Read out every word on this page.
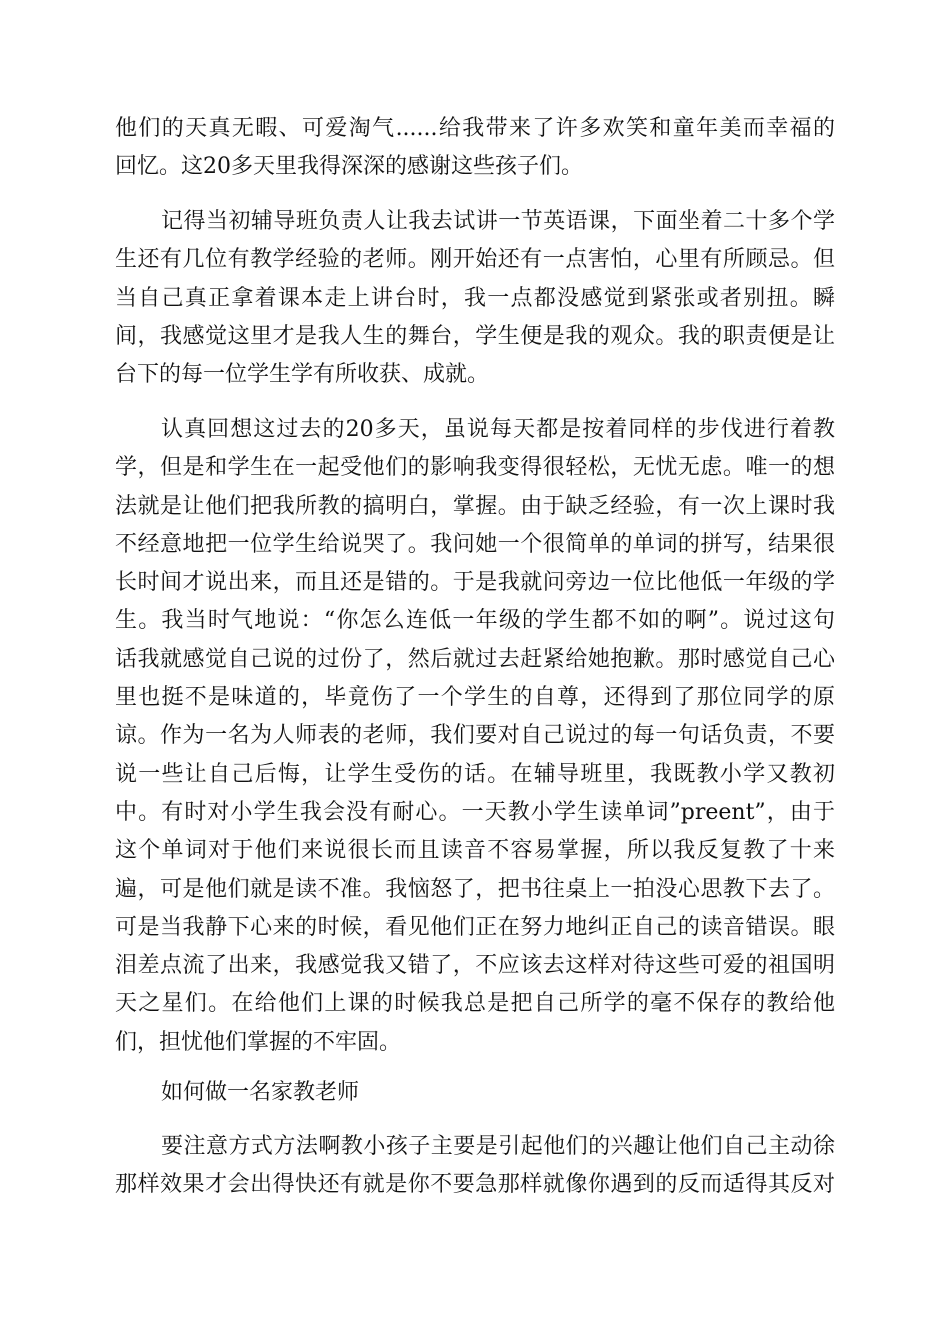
他们的天真无暇、可爱淘气......给我带来了许多欢笑和童年美而幸福的
回忆。这20多天里我得深深的感谢这些孩子们。
记得当初辅导班负责人让我去试讲一节英语课，下面坐着二十多个学
生还有几位有教学经验的老师。刚开始还有一点害怕，心里有所顾忌。但
当自己真正拿着课本走上讲台时，我一点都没感觉到紧张或者别扭。瞬
间，我感觉这里才是我人生的舞台，学生便是我的观众。我的职责便是让
台下的每一位学生学有所收获、成就。
认真回想这过去的20多天，虽说每天都是按着同样的步伐进行着教
学，但是和学生在一起受他们的影响我变得很轻松，无忧无虑。唯一的想
法就是让他们把我所教的搞明白，掌握。由于缺乏经验，有一次上课时我
不经意地把一位学生给说哭了。我问她一个很简单的单词的拼写，结果很
长时间才说出来，而且还是错的。于是我就问旁边一位比他低一年级的学
生。我当时气地说：“你怎么连低一年级的学生都不如的啊”。说过这句
话我就感觉自己说的过份了，然后就过去赶紧给她抱歉。那时感觉自己心
里也挺不是味道的，毕竟伤了一个学生的自尊，还得到了那位同学的原
谅。作为一名为人师表的老师，我们要对自己说过的每一句话负责，不要
说一些让自己后悔，让学生受伤的话。在辅导班里，我既教小学又教初
中。有时对小学生我会没有耐心。一天教小学生读单词”preent”，由于
这个单词对于他们来说很长而且读音不容易掌握，所以我反复教了十来
遍，可是他们就是读不准。我恼怒了，把书往桌上一拍没心思教下去了。
可是当我静下心来的时候，看见他们正在努力地纠正自己的读音错误。眼
泪差点流了出来，我感觉我又错了，不应该去这样对待这些可爱的祖国明
天之星们。在给他们上课的时候我总是把自己所学的毫不保存的教给他
们，担忧他们掌握的不牢固。
如何做一名家教老师
要注意方式方法啊教小孩子主要是引起他们的兴趣让他们自己主动徐
那样效果才会出得快还有就是你不要急那样就像你遇到的反而适得其反对
